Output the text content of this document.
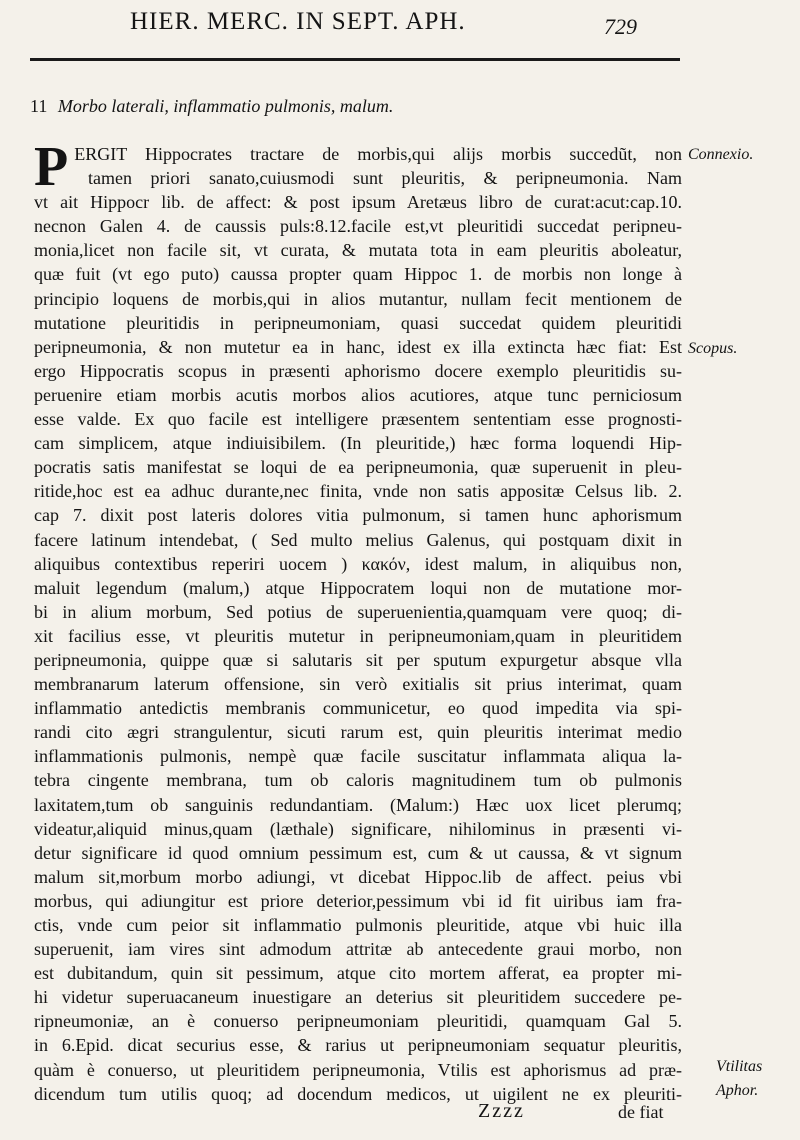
HIER. MERC. IN SEPT. APH.	729
11 Morbo laterali, inflammatio pulmonis, malum.
PERGIT Hippocrates tractare de morbis,qui alijs morbis succedũt, non
tamen priori sanato,cuiusmodi sunt pleuritis, & peripneumonia. Nam
vt ait Hippocr lib. de affect: & post ipsum Aretæus libro de curat:acut:cap.10.
necnon Galen 4. de caussis puls:8.12.facile est,vt pleuritidi succedat peripneu-
monia,licet non facile sit, vt curata, & mutata tota in eam pleuritis aboleatur,
quæ fuit (vt ego puto) caussa propter quam Hippoc 1. de morbis non longe à
principio loquens de morbis,qui in alios mutantur, nullam fecit mentionem de
mutatione pleuritidis in peripneumoniam, quasi succedat quidem pleuritidi
peripneumonia, & non mutetur ea in hanc, idest ex illa extincta hæc fiat: Est
ergo Hippocratis scopus in præsenti aphorismo docere exemplo pleuritidis su-
peruenire etiam morbis acutis morbos alios acutiores, atque tunc perniciosum
esse valde. Ex quo facile est intelligere præsentem sententiam esse prognosti-
cam simplicem, atque indiuisibilem. (In pleuritide,) hæc forma loquendi Hip-
pocratis satis manifestat se loqui de ea peripneumonia, quæ superuenit in pleu-
ritide,hoc est ea adhuc durante,nec finita, vnde non satis appositæ Celsus lib. 2.
cap 7. dixit post lateris dolores vitia pulmonum, si tamen hunc aphorismum
facere latinum intendebat, ( Sed multo melius Galenus, qui postquam dixit in
aliquibus contextibus reperiri uocem ) κακόν, idest malum, in aliquibus non,
maluit legendum (malum,) atque Hippocratem loqui non de mutatione mor-
bi in alium morbum, Sed potius de superuenientia,quamquam vere quoq; di-
xit facilius esse, vt pleuritis mutetur in peripneumoniam,quam in pleuritidem
peripneumonia, quippe quæ si salutaris sit per sputum expurgetur absque vlla
membranarum laterum offensione, sin verò exitialis sit prius interimat, quam
inflammatio antedictis membranis communicetur, eo quod impedita via spi-
randi cito ægri strangulentur, sicuti rarum est, quin pleuritis interimat medio
inflammationis pulmonis, nempè quæ facile suscitatur inflammata aliqua la-
tebra cingente membrana, tum ob caloris magnitudinem tum ob pulmonis
laxitatem,tum ob sanguinis redundantiam. (Malum:) Hæc uox licet plerumq;
videatur,aliquid minus,quam (læthale) significare, nihilominus in præsenti vi-
detur significare id quod omnium pessimum est, cum & ut caussa, & vt signum
malum sit,morbum morbo adiungi, vt dicebat Hippoc.lib de affect. peius vbi
morbus, qui adiungitur est priore deterior,pessimum vbi id fit uiribus iam fra-
ctis, vnde cum peior sit inflammatio pulmonis pleuritide, atque vbi huic illa
superuenit, iam vires sint admodum attritæ ab antecedente graui morbo, non
est dubitandum, quin sit pessimum, atque cito mortem afferat, ea propter mi-
hi videtur superuacaneum inuestigare an deterius sit pleuritidem succedere pe-
ripneumoniæ, an è conuerso peripneumoniam pleuritidi, quamquam Gal 5.
in 6.Epid. dicat securius esse, & rarius ut peripneumoniam sequatur pleuritis,
quàm è conuerso, ut pleuritidem peripneumonia, Vtilis est aphorismus ad præ-
dicendum tum utilis quoq; ad docendum medicos, ut uigilent ne ex pleuriti-
Connexio.
Scopus.
Vtilitas
Aphor.
Zzzz	de fiat
